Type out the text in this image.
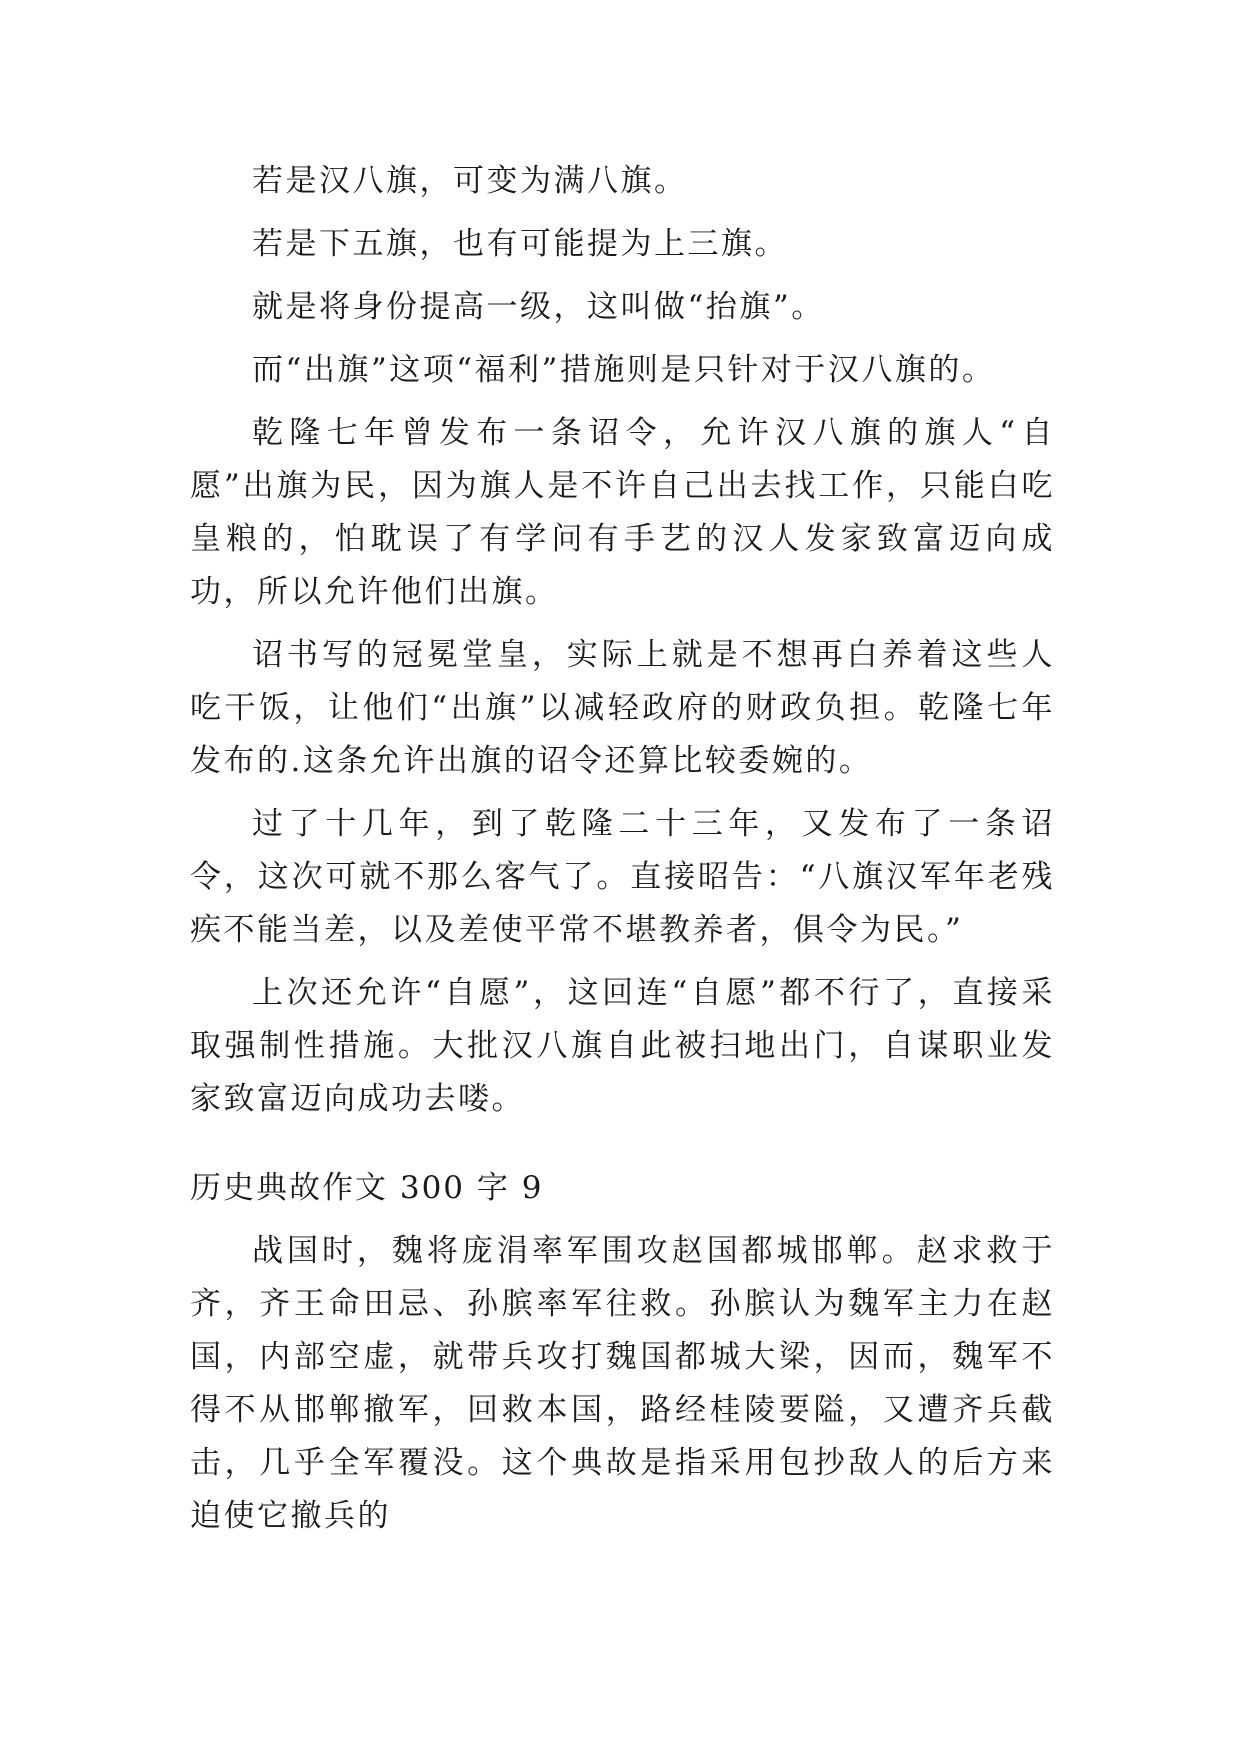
若是汉八旗，可变为满八旗。

若是下五旗，也有可能提为上三旗。

就是将身份提高一级，这叫做“抬旗”。

而“出旗”这项“福利”措施则是只针对于汉八旗的。

乾隆七年曾发布一条诏令，允许汉八旗的旗人“自愿”出旗为民，因为旗人是不许自己出去找工作，只能白吃皇粮的，怕耽误了有学问有手艺的汉人发家致富迈向成功，所以允许他们出旗。

诏书写的冠冕堂皇，实际上就是不想再白养着这些人吃干饭，让他们“出旗”以减轻政府的财政负担。乾隆七年发布的.这条允许出旗的诏令还算比较委婉的。

过了十几年，到了乾隆二十三年，又发布了一条诏令，这次可就不那么客气了。直接昭告：“八旗汉军年老残疾不能当差，以及差使平常不堪教养者，俱令为民。”

上次还允许“自愿”，这回连“自愿”都不行了，直接采取强制性措施。大批汉八旗自此被扫地出门，自谋职业发家致富迈向成功去喽。

历史典故作文 300 字 9

战国时，魏将庞涓率军围攻赵国都城邯郸。赵求救于齐，齐王命田忌、孙膑率军往救。孙膑认为魏军主力在赵国，内部空虚，就带兵攻打魏国都城大梁，因而，魏军不得不从邯郸撤军，回救本国，路经桂陵要隘，又遭齐兵截击，几乎全军覆没。这个典故是指采用包抄敌人的后方来迫使它撤兵的
